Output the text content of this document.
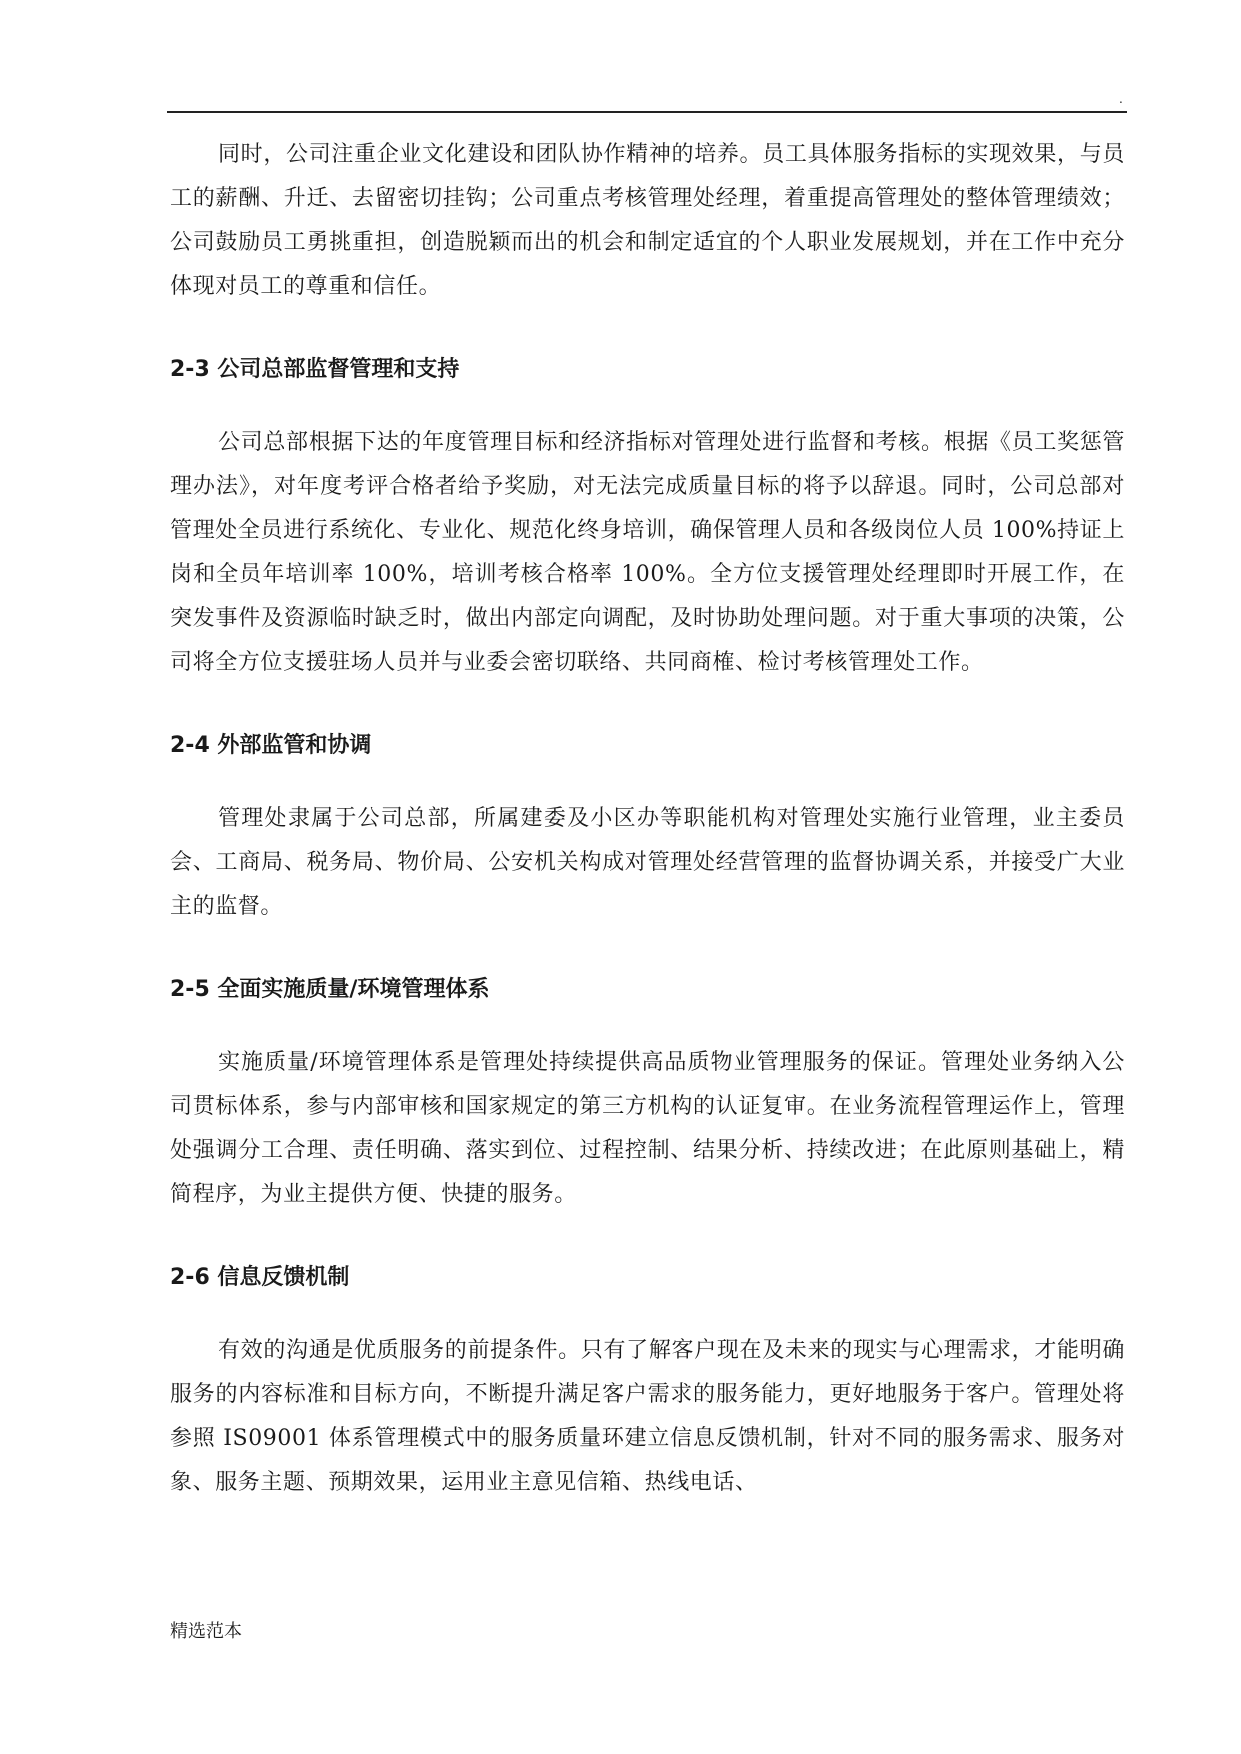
.

同时，公司注重企业文化建设和团队协作精神的培养。员工具体服务指标的实现效果，与员工的薪酬、升迁、去留密切挂钩；公司重点考核管理处经理，着重提高管理处的整体管理绩效；公司鼓励员工勇挑重担，创造脱颖而出的机会和制定适宜的个人职业发展规划，并在工作中充分体现对员工的尊重和信任。

2-3 公司总部监督管理和支持

公司总部根据下达的年度管理目标和经济指标对管理处进行监督和考核。根据《员工奖惩管理办法》，对年度考评合格者给予奖励，对无法完成质量目标的将予以辞退。同时，公司总部对管理处全员进行系统化、专业化、规范化终身培训，确保管理人员和各级岗位人员 100%持证上岗和全员年培训率 100%，培训考核合格率 100%。全方位支援管理处经理即时开展工作，在突发事件及资源临时缺乏时，做出内部定向调配，及时协助处理问题。对于重大事项的决策，公司将全方位支援驻场人员并与业委会密切联络、共同商榷、检讨考核管理处工作。

2-4 外部监管和协调

管理处隶属于公司总部，所属建委及小区办等职能机构对管理处实施行业管理，业主委员会、工商局、税务局、物价局、公安机关构成对管理处经营管理的监督协调关系，并接受广大业主的监督。

2-5 全面实施质量/环境管理体系

实施质量/环境管理体系是管理处持续提供高品质物业管理服务的保证。管理处业务纳入公司贯标体系，参与内部审核和国家规定的第三方机构的认证复审。在业务流程管理运作上，管理处强调分工合理、责任明确、落实到位、过程控制、结果分析、持续改进；在此原则基础上，精简程序，为业主提供方便、快捷的服务。

2-6 信息反馈机制

有效的沟通是优质服务的前提条件。只有了解客户现在及未来的现实与心理需求，才能明确服务的内容标准和目标方向，不断提升满足客户需求的服务能力，更好地服务于客户。管理处将参照 IS09001 体系管理模式中的服务质量环建立信息反馈机制，针对不同的服务需求、服务对象、服务主题、预期效果，运用业主意见信箱、热线电话、

精选范本
